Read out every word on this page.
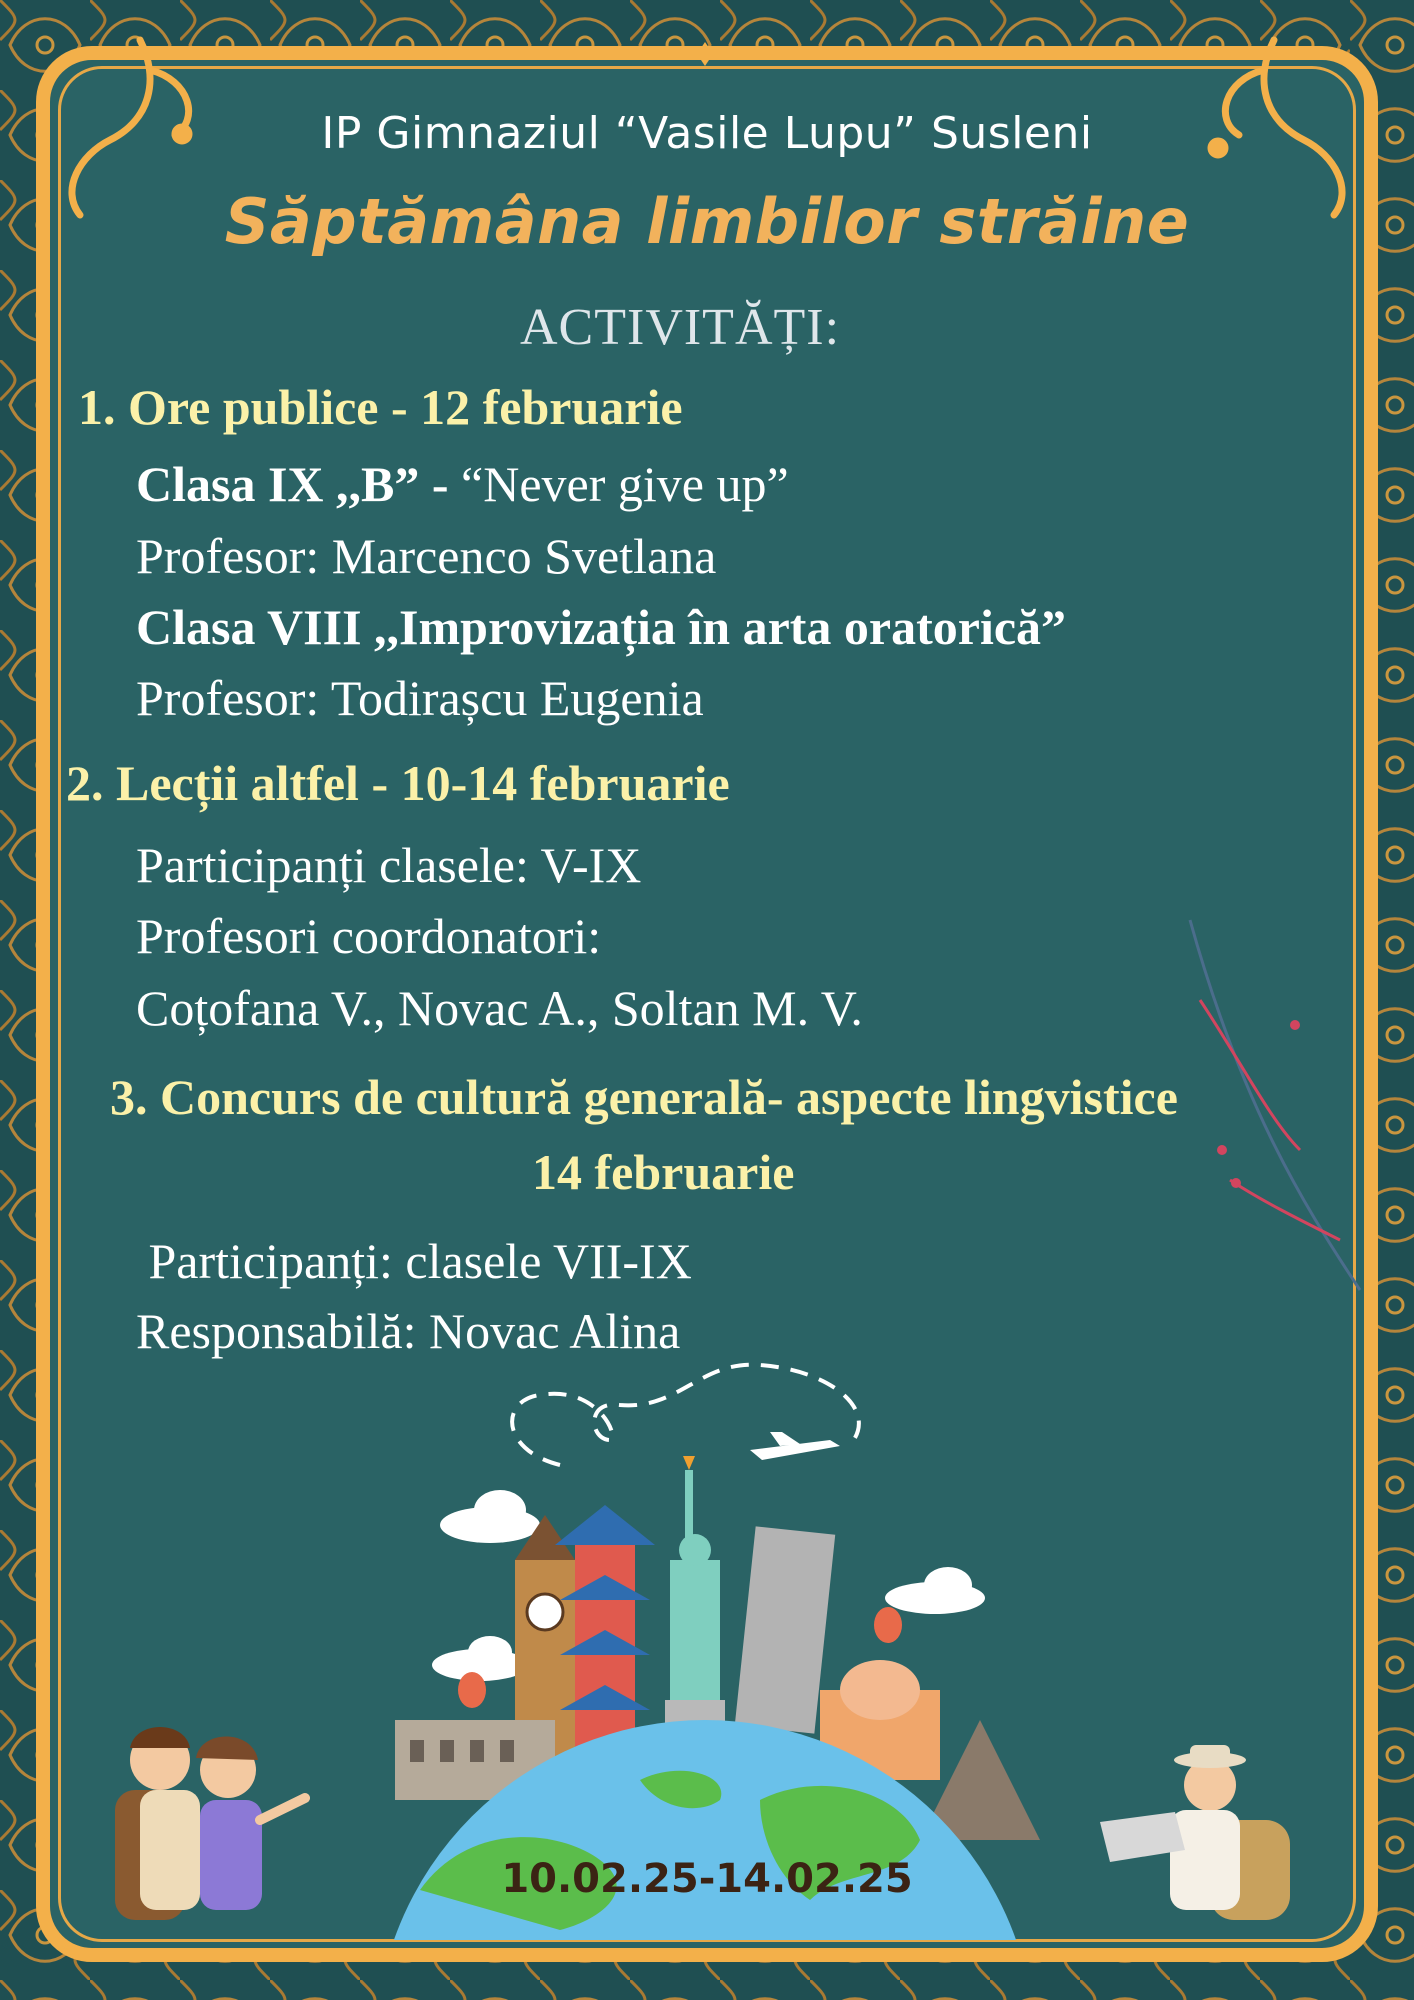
IP Gimnaziul “Vasile Lupu” Susleni
Săptămâna limbilor străine
ACTIVITĂȚI:
1. Ore publice - 12 februarie
Clasa IX ,,B” - “Never give up”
Profesor: Marcenco Svetlana
Clasa VIII ,,Improvizația în arta oratorică”
Profesor: Todirașcu Eugenia
2. Lecții altfel - 10-14 februarie
Participanți clasele: V-IX
Profesori coordonatori:
Coțofana V., Novac A., Soltan M. V.
3. Concurs de cultură generală- aspecte lingvistice
14 februarie
Participanți: clasele VII-IX
Responsabilă: Novac Alina
10.02.25-14.02.25
